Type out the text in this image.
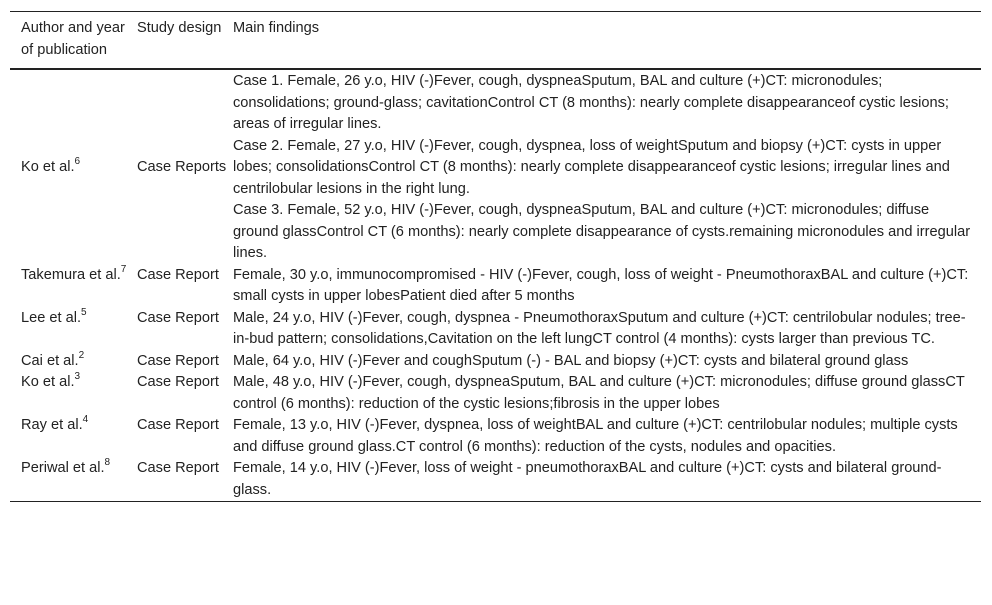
Author and year of publication	Study design	Main findings
Ko et al.$^6$	Case Reports	Case 1. Female, 26 y.o, HIV (-)Fever, cough, dyspneaSputum, BAL and culture (+)CT: micronodules; consolidations; ground-glass; cavitationControl CT (8 months): nearly complete disappearanceof cystic lesions; areas of irregular lines.
		Case 2. Female, 27 y.o, HIV (-)Fever, cough, dyspnea, loss of weightSputum and biopsy (+)CT: cysts in upper lobes; consolidationsControl CT (8 months): nearly complete disappearanceof cystic lesions; irregular lines and centrilobular lesions in the right lung.
		Case 3. Female, 52 y.o, HIV (-)Fever, cough, dyspneaSputum, BAL and culture (+)CT: micronodules; diffuse ground glassControl CT (6 months): nearly complete disappearance of cysts.remaining micronodules and irregular lines.
Takemura et al.$^7$	Case Report	Female, 30 y.o, immunocompromised - HIV (-)Fever, cough, loss of weight - PneumothoraxBAL and culture (+)CT: small cysts in upper lobesPatient died after 5 months
Lee et al.$^5$	Case Report	Male, 24 y.o, HIV (-)Fever, cough, dyspnea - PneumothoraxSputum and culture (+)CT: centrilobular nodules; tree-in-bud pattern; consolidations,Cavitation on the left lungCT control (4 months): cysts larger than previous TC.
Cai et al.$^2$	Case Report	Male, 64 y.o, HIV (-)Fever and coughSputum (-) - BAL and biopsy (+)CT: cysts and bilateral ground glass
Ko et al.$^3$	Case Report	Male, 48 y.o, HIV (-)Fever, cough, dyspneaSputum, BAL and culture (+)CT: micronodules; diffuse ground glassCT control (6 months): reduction of the cystic lesions;fibrosis in the upper lobes
Ray et al.$^4$	Case Report	Female, 13 y.o, HIV (-)Fever, dyspnea, loss of weightBAL and culture (+)CT: centrilobular nodules; multiple cysts and diffuse ground glass.CT control (6 months): reduction of the cysts, nodules and opacities.
Periwal et al.$^8$	Case Report	Female, 14 y.o, HIV (-)Fever, loss of weight - pneumothoraxBAL and culture (+)CT: cysts and bilateral ground-glass.
